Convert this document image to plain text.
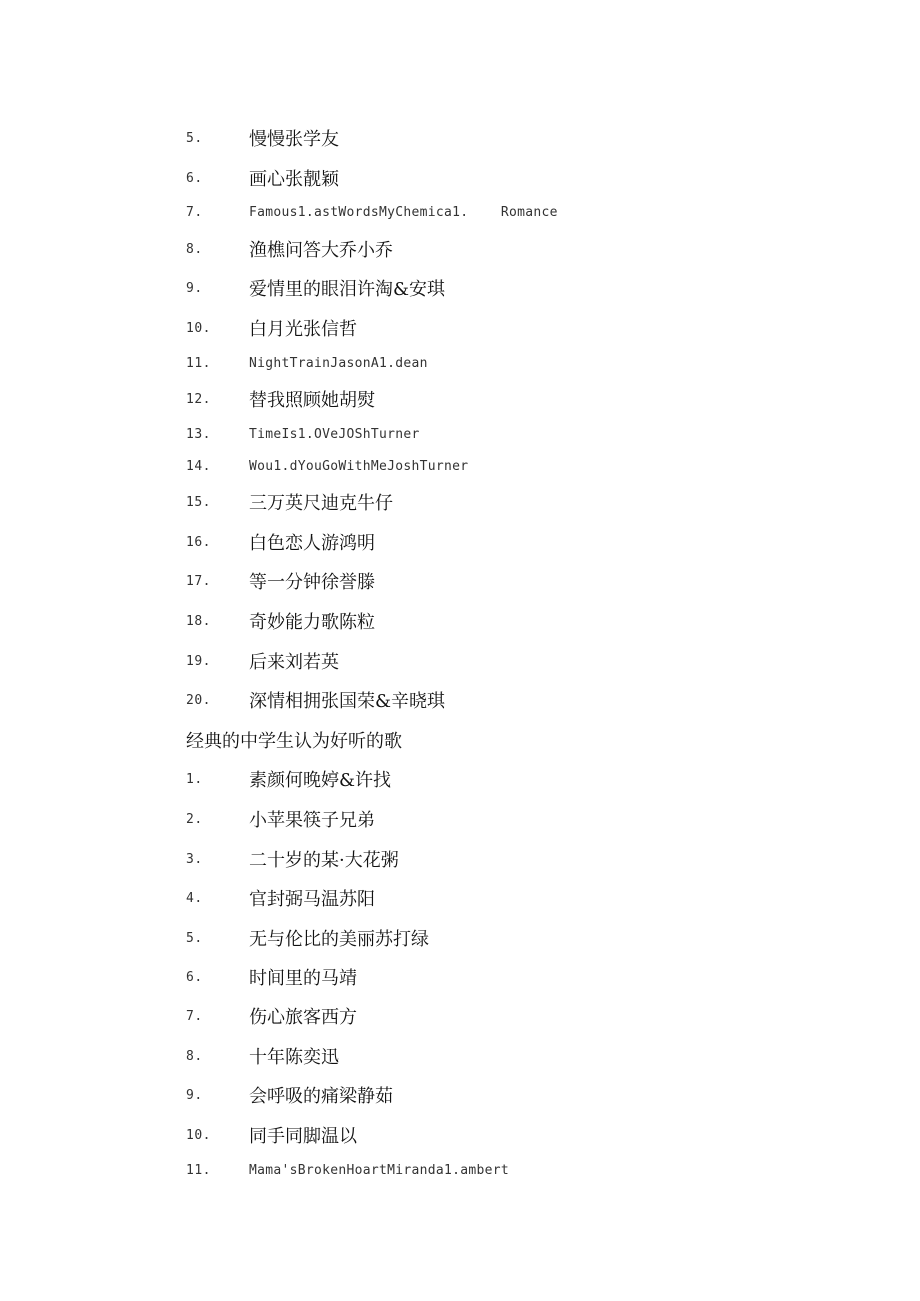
5.	慢慢张学友
6.	画心张靓颖
7.	Famous1.astWordsMyChemica1.    Romance
8.	渔樵问答大乔小乔
9.	爱情里的眼泪许淘&安琪
10.	白月光张信哲
11.	NightTrainJasonA1.dean
12.	替我照顾她胡熨
13.	TimeIs1.OVeJOShTurner
14.	Wou1.dYouGoWithMeJoshTurner
15.	三万英尺迪克牛仔
16.	白色恋人游鸿明
17.	等一分钟徐誉滕
18.	奇妙能力歌陈粒
19.	后来刘若英
20.	深情相拥张国荣&辛晓琪
经典的中学生认为好听的歌
1.	素颜何晚婷&许找
2.	小苹果筷子兄弟
3.	二十岁的某·大花粥
4.	官封弼马温苏阳
5.	无与伦比的美丽苏打绿
6.	时间里的马靖
7.	伤心旅客西方
8.	十年陈奕迅
9.	会呼吸的痛梁静茹
10.	同手同脚温以
11.	Mama'sBrokenHoartMiranda1.ambert
